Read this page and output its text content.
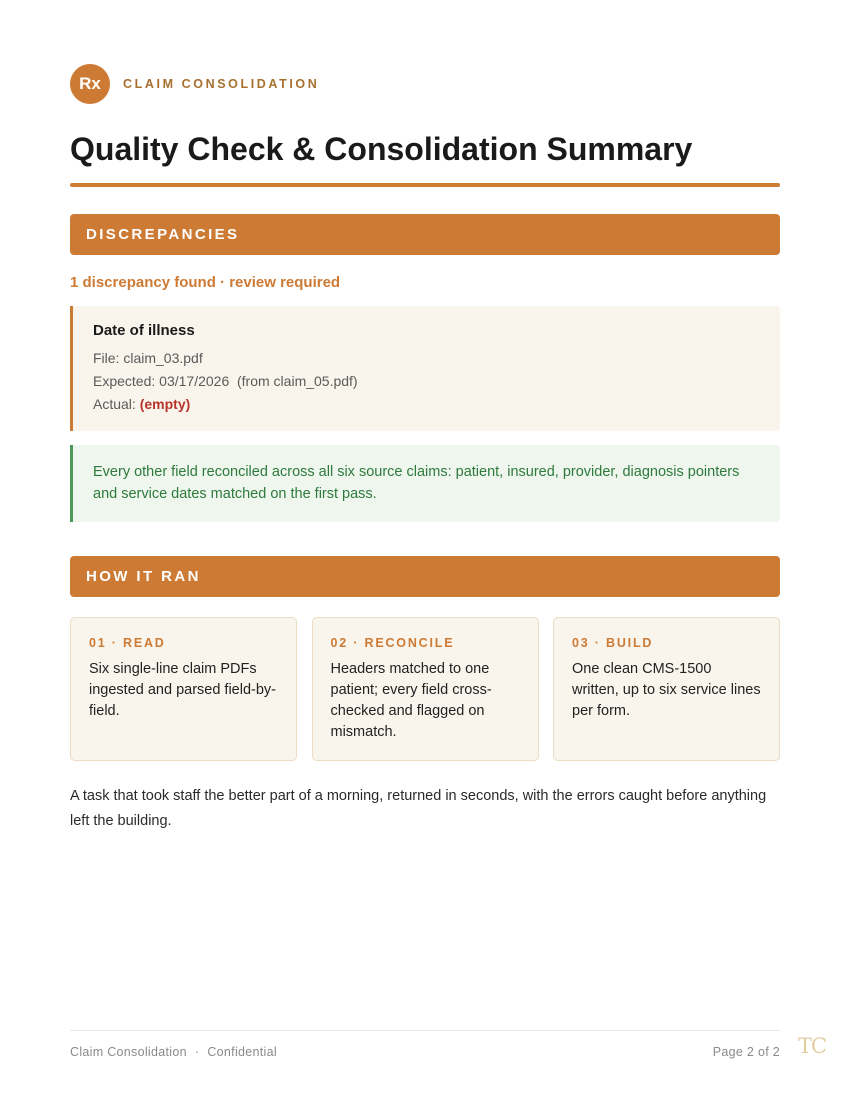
Rx	CLAIM CONSOLIDATION
Quality Check & Consolidation Summary
DISCREPANCIES
1 discrepancy found · review required
Date of illness
File: claim_03.pdf
Expected: 03/17/2026  (from claim_05.pdf)
Actual: (empty)
Every other field reconciled across all six source claims: patient, insured, provider, diagnosis pointers and service dates matched on the first pass.
HOW IT RAN
01 · READ
Six single-line claim PDFs ingested and parsed field-by-field.
02 · RECONCILE
Headers matched to one patient; every field cross-checked and flagged on mismatch.
03 · BUILD
One clean CMS-1500 written, up to six service lines per form.
A task that took staff the better part of a morning, returned in seconds, with the errors caught before anything left the building.
Claim Consolidation · Confidential	Page 2 of 2 TC
